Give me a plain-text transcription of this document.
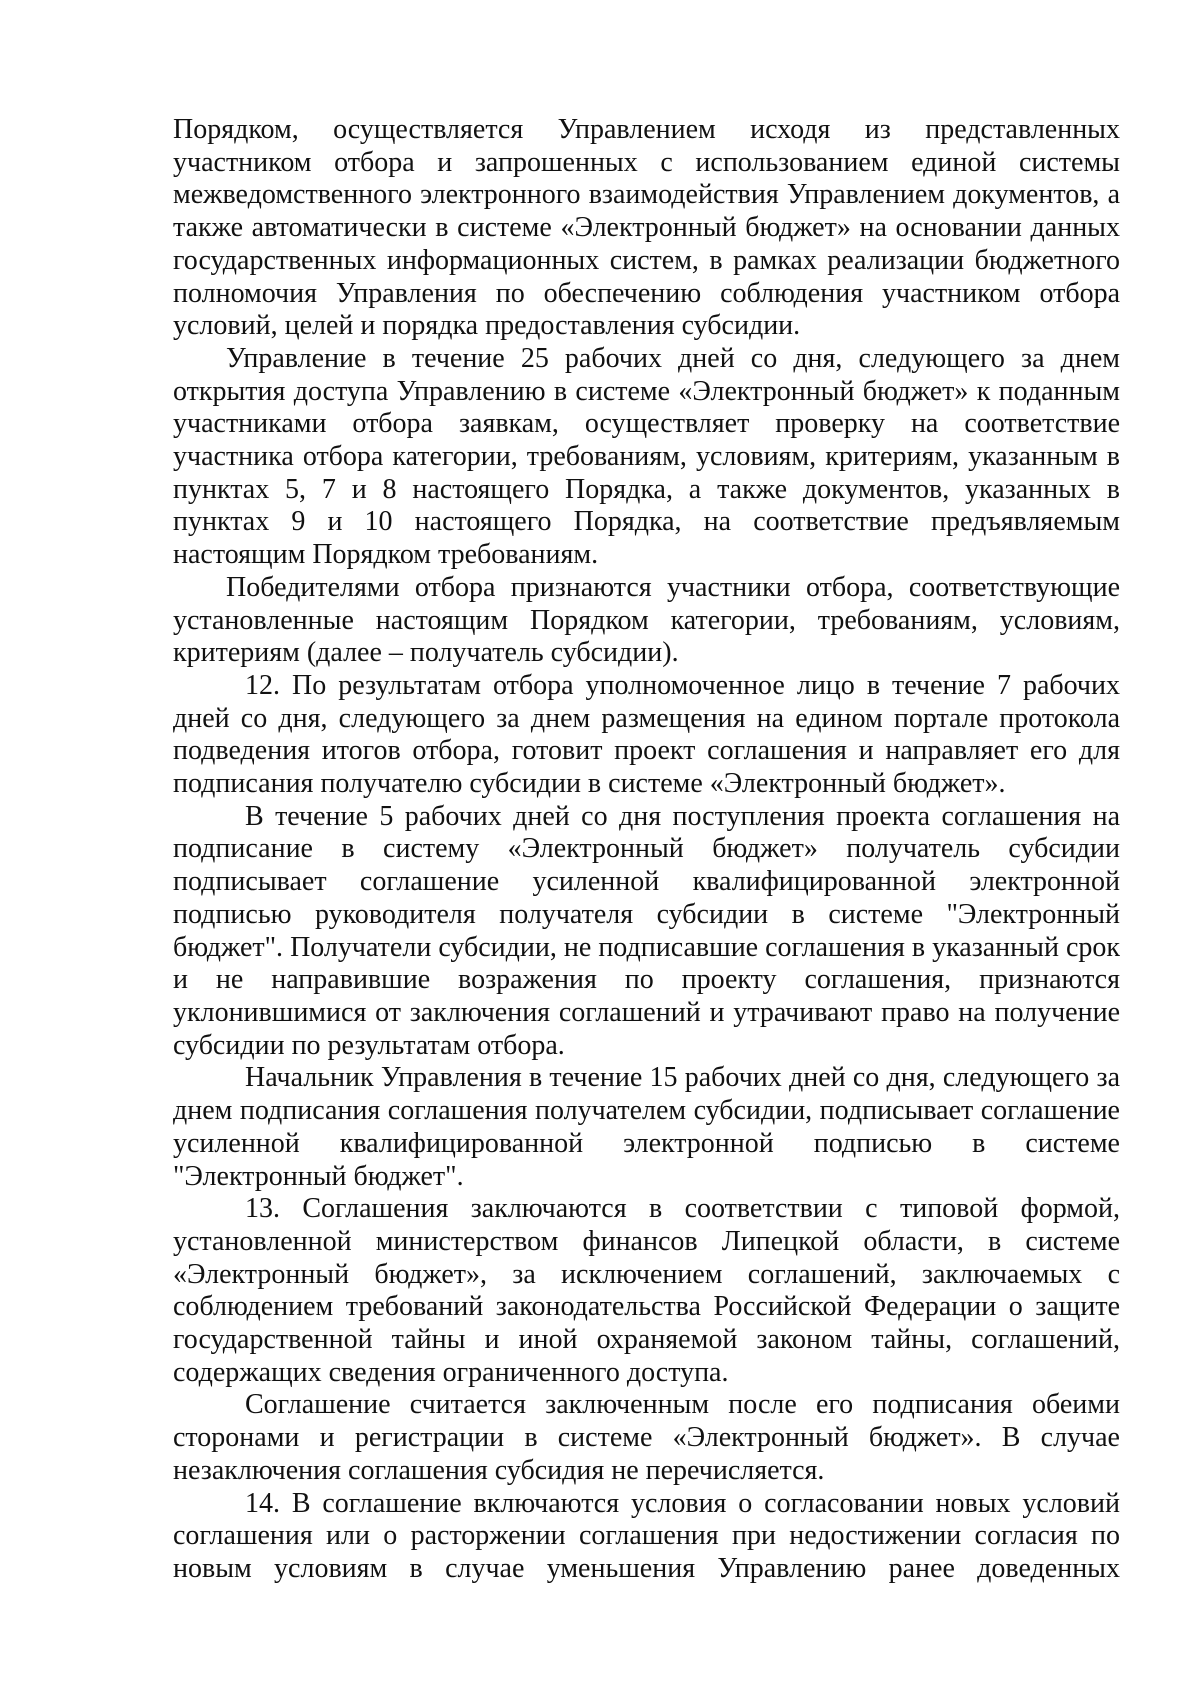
Порядком, осуществляется Управлением исходя из представленных участником отбора и запрошенных с использованием единой системы межведомственного электронного взаимодействия Управлением документов, а также автоматически в системе «Электронный бюджет» на основании данных государственных информационных систем, в рамках реализации бюджетного полномочия Управления по обеспечению соблюдения участником отбора условий, целей и порядка предоставления субсидии.

Управление в течение 25 рабочих дней со дня, следующего за днем открытия доступа Управлению в системе «Электронный бюджет» к поданным участниками отбора заявкам, осуществляет проверку на соответствие участника отбора категории, требованиям, условиям, критериям, указанным в пунктах 5, 7 и 8 настоящего Порядка, а также документов, указанных в пунктах 9 и 10 настоящего Порядка, на соответствие предъявляемым настоящим Порядком требованиям.

Победителями отбора признаются участники отбора, соответствующие установленные настоящим Порядком категории, требованиям, условиям, критериям (далее – получатель субсидии).

12. По результатам отбора уполномоченное лицо в течение 7 рабочих дней со дня, следующего за днем размещения на едином портале протокола подведения итогов отбора, готовит проект соглашения и направляет его для подписания получателю субсидии в системе «Электронный бюджет».

В течение 5 рабочих дней со дня поступления проекта соглашения на подписание в систему «Электронный бюджет» получатель субсидии подписывает соглашение усиленной квалифицированной электронной подписью руководителя получателя субсидии в системе "Электронный бюджет". Получатели субсидии, не подписавшие соглашения в указанный срок и не направившие возражения по проекту соглашения, признаются уклонившимися от заключения соглашений и утрачивают право на получение субсидии по результатам отбора.

Начальник Управления в течение 15 рабочих дней со дня, следующего за днем подписания соглашения получателем субсидии, подписывает соглашение усиленной квалифицированной электронной подписью в системе "Электронный бюджет".

13. Соглашения заключаются в соответствии с типовой формой, установленной министерством финансов Липецкой области, в системе «Электронный бюджет», за исключением соглашений, заключаемых с соблюдением требований законодательства Российской Федерации о защите государственной тайны и иной охраняемой законом тайны, соглашений, содержащих сведения ограниченного доступа.

Соглашение считается заключенным после его подписания обеими сторонами и регистрации в системе «Электронный бюджет». В случае незаключения соглашения субсидия не перечисляется.

14. В соглашение включаются условия о согласовании новых условий соглашения или о расторжении соглашения при недостижении согласия по новым условиям в случае уменьшения Управлению ранее доведенных
